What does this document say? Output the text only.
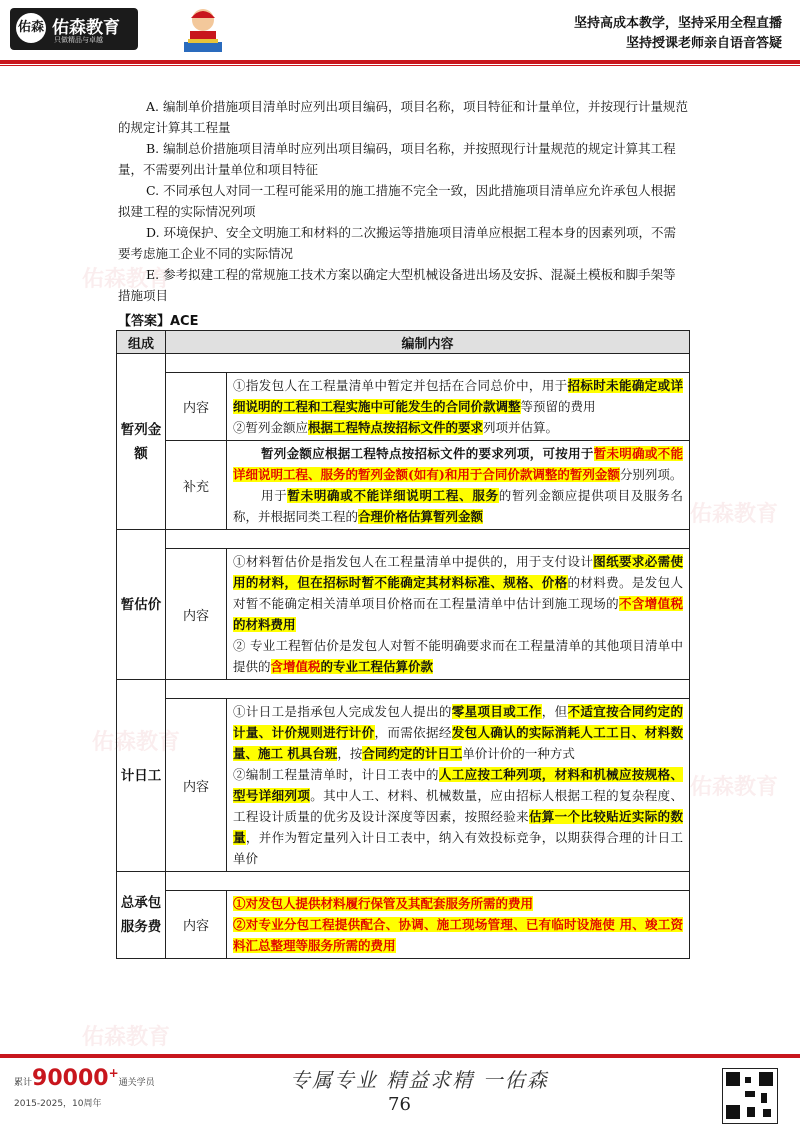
佑森 佑森教育
只做精品与卓越
坚持高成本教学，坚持采用全程直播
坚持授课老师亲自语音答疑
佑森教育
佑森教育
佑森教育
佑森教育
佑森教育

A. 编制单价措施项目清单时应列出项目编码，项目名称，项目特征和计量单位，并按现行计量规范的规定计算其工程量

B. 编制总价措施项目清单时应列出项目编码，项目名称，并按照现行计量规范的规定计算其工程量，不需要列出计量单位和项目特征

C. 不同承包人对同一工程可能采用的施工措施不完全一致，因此措施项目清单应允许承包人根据拟建工程的实际情况列项

D. 环境保护、安全文明施工和材料的二次搬运等措施项目清单应根据工程本身的因素列项，不需要考虑施工企业不同的实际情况

E. 参考拟建工程的常规施工技术方案以确定大型机械设备进出场及安拆、混凝土模板和脚手架等措施项目

【答案】ACE
组成	编制内容	
暂列金额		
	内容	①指发包人在工程量清单中暂定并包括在合同总价中，用于招标时未能确定或详细说明的工程和工程实施中可能发生的合同价款调整等预留的费用
②暂列金额应根据工程特点按招标文件的要求列项并估算。

	补充	暂列金额应根据工程特点按招标文件的要求列项，可按用于暂未明确或不能详细说明工程、服务的暂列金额(如有)和用于合同价款调整的暂列金额分别列项。
用于暂未明确或不能详细说明工程、服务的暂列金额应提供项目及服务名称，并根据同类工程的合理价格估算暂列金额

暂估价		
	内容	①材料暂估价是指发包人在工程量清单中提供的，用于支付设计图纸要求必需使用的材料，但在招标时暂不能确定其材料标准、规格、价格的材料费。是发包人对暂不能确定相关清单项目价格而在工程量清单中估计到施工现场的不含增值税的材料费用
② 专业工程暂估价是发包人对暂不能明确要求而在工程量清单的其他项目清单中提供的含增值税的专业工程估算价款

计日工		
	内容	①计日工是指承包人完成发包人提出的零星项目或工作，但不适宜按合同约定的计量、计价规则进行计价，而需依据经发包人确认的实际消耗人工工日、材料数量、施工 机具台班，按合同约定的计日工单价计价的一种方式
②编制工程量清单时，计日工表中的人工应按工种列项，材料和机械应按规格、型号详细列项。其中人工、材料、机械数量，应由招标人根据工程的复杂程度、工程设计质量的优劣及设计深度等因素，按照经验来估算一个比较贴近实际的数量，并作为暂定量列入计日工表中，纳入有效投标竞争，以期获得合理的计日工单价

总承包服务费		
	内容	①对发包人提供材料履行保管及其配套服务所需的费用
②对专业分包工程提供配合、协调、施工现场管理、已有临时设施使 用、竣工资料汇总整理等服务所需的费用
累计90000+通关学员
2015-2025，10周年
专属专业 精益求精 一佑森
76
